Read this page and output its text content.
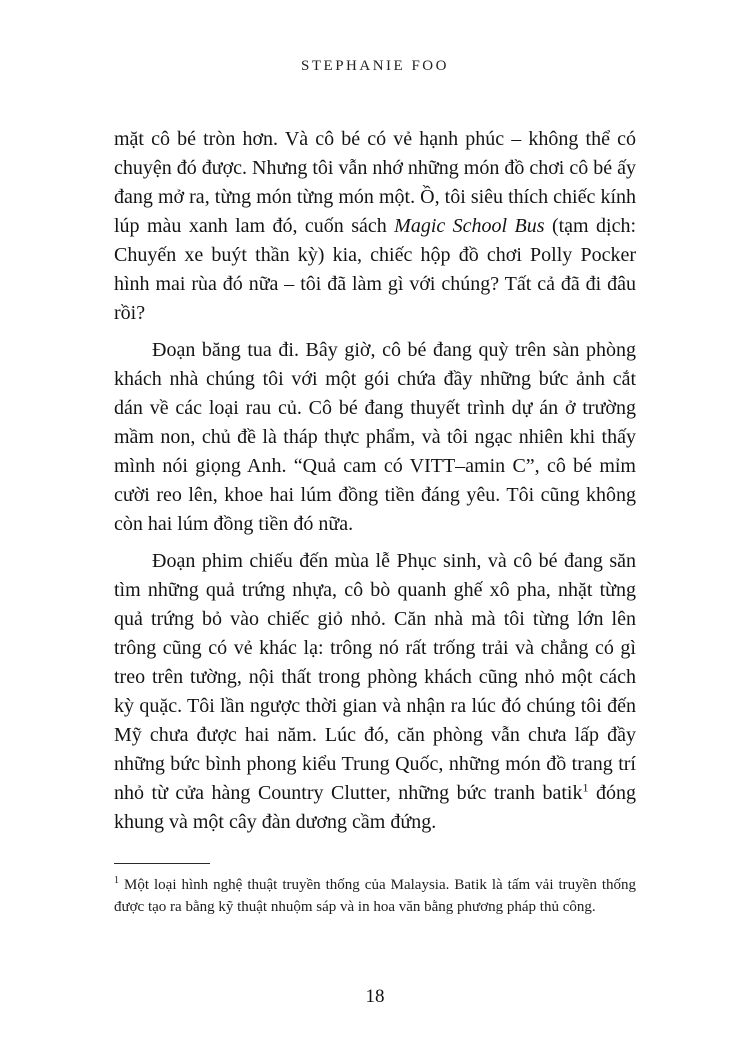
STEPHANIE FOO

mặt cô bé tròn hơn. Và cô bé có vẻ hạnh phúc – không thể có chuyện đó được. Nhưng tôi vẫn nhớ những món đồ chơi cô bé ấy đang mở ra, từng món từng món một. Ồ, tôi siêu thích chiếc kính lúp màu xanh lam đó, cuốn sách Magic School Bus (tạm dịch: Chuyến xe buýt thần kỳ) kia, chiếc hộp đồ chơi Polly Pocker hình mai rùa đó nữa – tôi đã làm gì với chúng? Tất cả đã đi đâu rồi?

Đoạn băng tua đi. Bây giờ, cô bé đang quỳ trên sàn phòng khách nhà chúng tôi với một gói chứa đầy những bức ảnh cắt dán về các loại rau củ. Cô bé đang thuyết trình dự án ở trường mầm non, chủ đề là tháp thực phẩm, và tôi ngạc nhiên khi thấy mình nói giọng Anh. “Quả cam có VITT–amin C”, cô bé mỉm cười reo lên, khoe hai lúm đồng tiền đáng yêu. Tôi cũng không còn hai lúm đồng tiền đó nữa.

Đoạn phim chiếu đến mùa lễ Phục sinh, và cô bé đang săn tìm những quả trứng nhựa, cô bò quanh ghế xô pha, nhặt từng quả trứng bỏ vào chiếc giỏ nhỏ. Căn nhà mà tôi từng lớn lên trông cũng có vẻ khác lạ: trông nó rất trống trải và chẳng có gì treo trên tường, nội thất trong phòng khách cũng nhỏ một cách kỳ quặc. Tôi lần ngược thời gian và nhận ra lúc đó chúng tôi đến Mỹ chưa được hai năm. Lúc đó, căn phòng vẫn chưa lấp đầy những bức bình phong kiểu Trung Quốc, những món đồ trang trí nhỏ từ cửa hàng Country Clutter, những bức tranh batik$^1$ đóng khung và một cây đàn dương cầm đứng.

$^1$ Một loại hình nghệ thuật truyền thống của Malaysia. Batik là tấm vải truyền thống được tạo ra bằng kỹ thuật nhuộm sáp và in hoa văn bằng phương pháp thủ công.

18
